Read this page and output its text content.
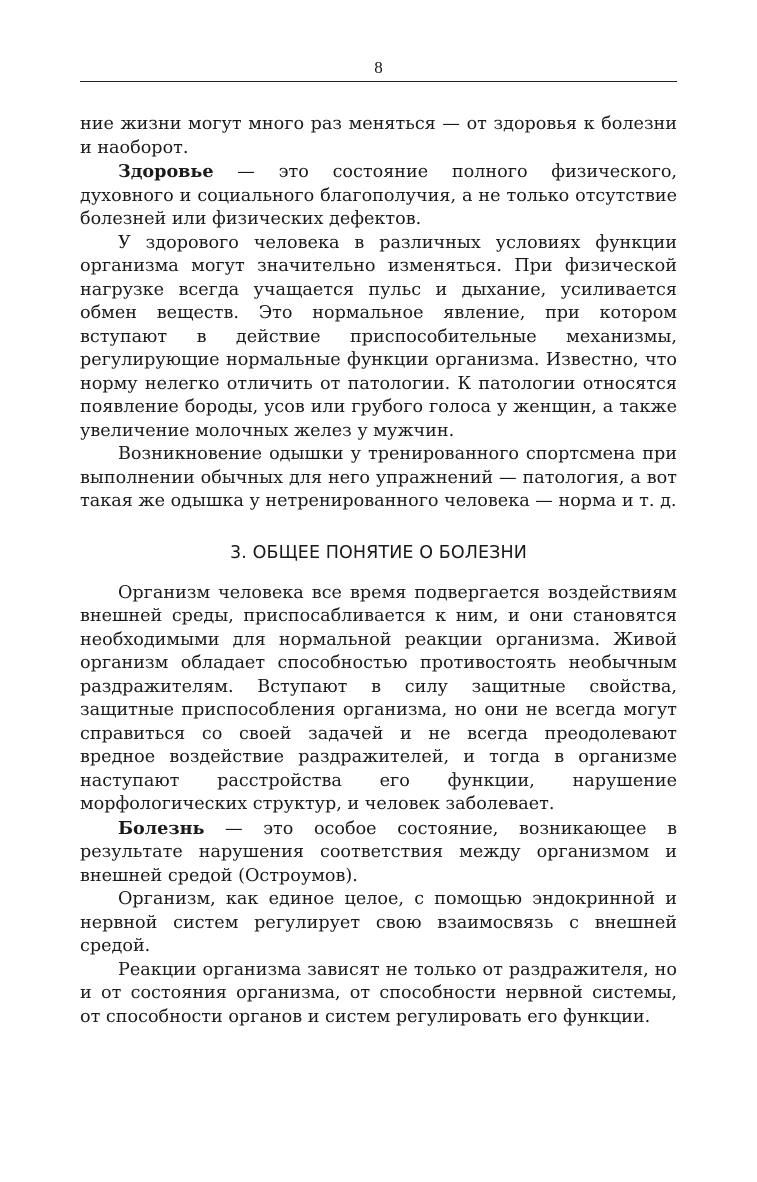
8

ние жизни могут много раз меняться — от здоровья к болезни и наоборот.

Здоровье — это состояние полного физического, духовного и социального благополучия, а не только отсутствие болезней или физических дефектов.

У здорового человека в различных условиях функции организма могут значительно изменяться. При физической нагрузке всегда учащается пульс и дыхание, усиливается обмен веществ. Это нормальное явление, при котором вступают в действие приспособительные механизмы, регулирующие нормальные функции организма. Известно, что норму нелегко отличить от патологии. К патологии относятся появление бороды, усов или грубого голоса у женщин, а также увеличение молочных желез у мужчин.

Возникновение одышки у тренированного спортсмена при выполнении обычных для него упражнений — патология, а вот такая же одышка у нетренированного человека — норма и т. д.

3. ОБЩЕЕ ПОНЯТИЕ О БОЛЕЗНИ

Организм человека все время подвергается воздействиям внешней среды, приспосабливается к ним, и они становятся необходимыми для нормальной реакции организма. Живой организм обладает способностью противостоять необычным раздражителям. Вступают в силу защитные свойства, защитные приспособления организма, но они не всегда могут справиться со своей задачей и не всегда преодолевают вредное воздействие раздражителей, и тогда в организме наступают расстройства его функции, нарушение морфологических структур, и человек заболевает.

Болезнь — это особое состояние, возникающее в результате нарушения соответствия между организмом и внешней средой (Остроумов).

Организм, как единое целое, с помощью эндокринной и нервной систем регулирует свою взаимосвязь с внешней средой.

Реакции организма зависят не только от раздражителя, но и от состояния организма, от способности нервной системы, от способности органов и систем регулировать его функции.
